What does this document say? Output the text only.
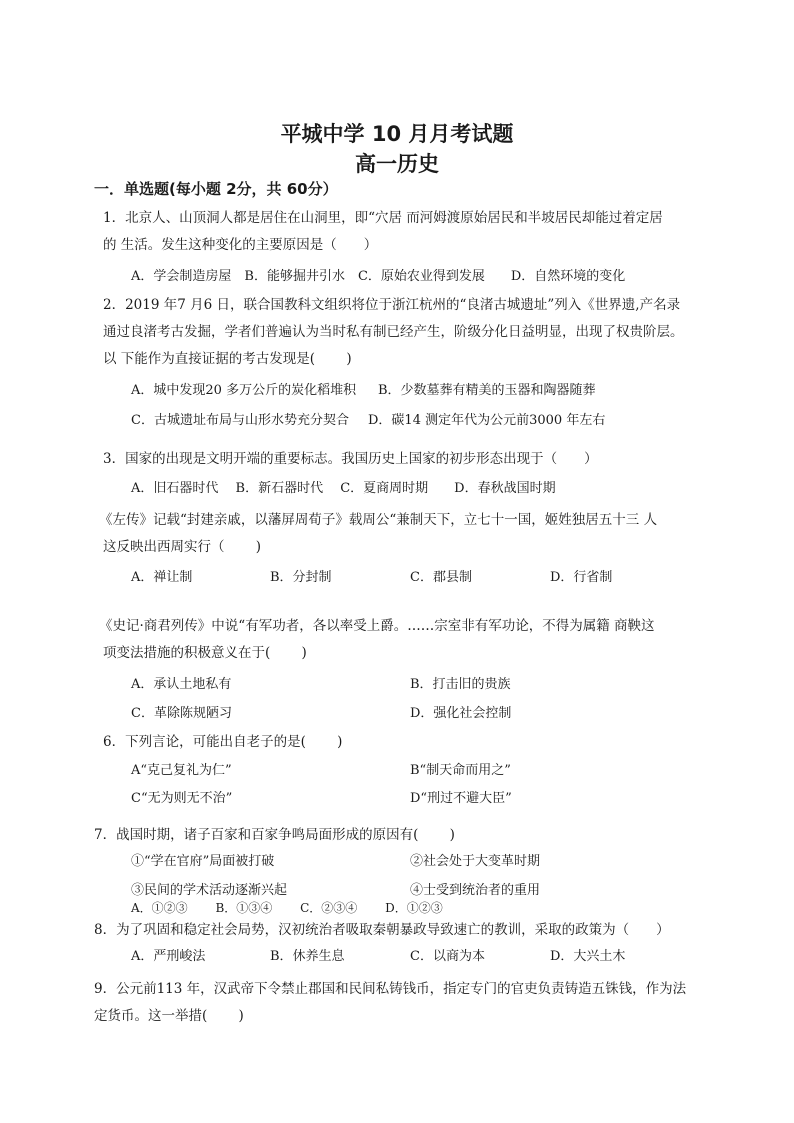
平城中学 10 月月考试题
高一历史
一．单选题(每小题 2分，共 60分）
1．北京人、山顶洞人都是居住在山洞里，即“穴居 而河姆渡原始居民和半坡居民却能过着定居
的 生活。发生这种变化的主要原因是（　　）
A．学会制造房屋　B．能够掘井引水　C．原始农业得到发展　　D．自然环境的变化
2．2019 年7 月6 日，联合国教科文组织将位于浙江杭州的“良渚古城遗址”列入《世界遗,产名录
通过良渚考古发掘，学者们普遍认为当时私有制已经产生，阶级分化日益明显，出现了权贵阶层。
以 下能作为直接证据的考古发现是(　　 )
A．城中发现20 多万公斤的炭化稻堆积 B．少数墓葬有精美的玉器和陶器随葬
C．古城遗址布局与山形水势充分契合 D．碳14 测定年代为公元前3000 年左右
3．国家的出现是文明开端的重要标志。我国历史上国家的初步形态出现于（　　）
A．旧石器时代　 B．新石器时代　 C．夏商周时期　　D．春秋战国时期
《左传》记载“封建亲戚，以藩屏周荀子》载周公“兼制天下，立七十一国，姬姓独居五十三 人
这反映出西周实行（　　 )
A．禅让制	B．分封制	C．郡县制	D．行省制
《史记·商君列传》中说“有军功者，各以率受上爵。……宗室非有军功论，不得为属籍 商鞅这
项变法措施的积极意义在于(　　 )
A．承认土地私有	B．打击旧的贵族
C．革除陈规陋习	D．强化社会控制
6．下列言论，可能出自老子的是(　　 )
A“克己复礼为仁”	B“制天命而用之”
C“无为则无不治”	D“刑过不避大臣”
7．战国时期，诸子百家和百家争鸣局面形成的原因有(　　 )
①“学在官府”局面被打破	②社会处于大变革时期
③民间的学术活动逐渐兴起	④士受到统治者的重用
A．①②③　　 B．①③④　　 C．②③④　　 D．①②③
8．为了巩固和稳定社会局势，汉初统治者吸取秦朝暴政导致速亡的教训，采取的政策为（　　）
A．严刑峻法	B．休养生息	C．以商为本	D．大兴土木
9．公元前113 年，汉武帝下令禁止郡国和民间私铸钱币，指定专门的官吏负责铸造五铢钱，作为法
定货币。这一举措(　　 )
